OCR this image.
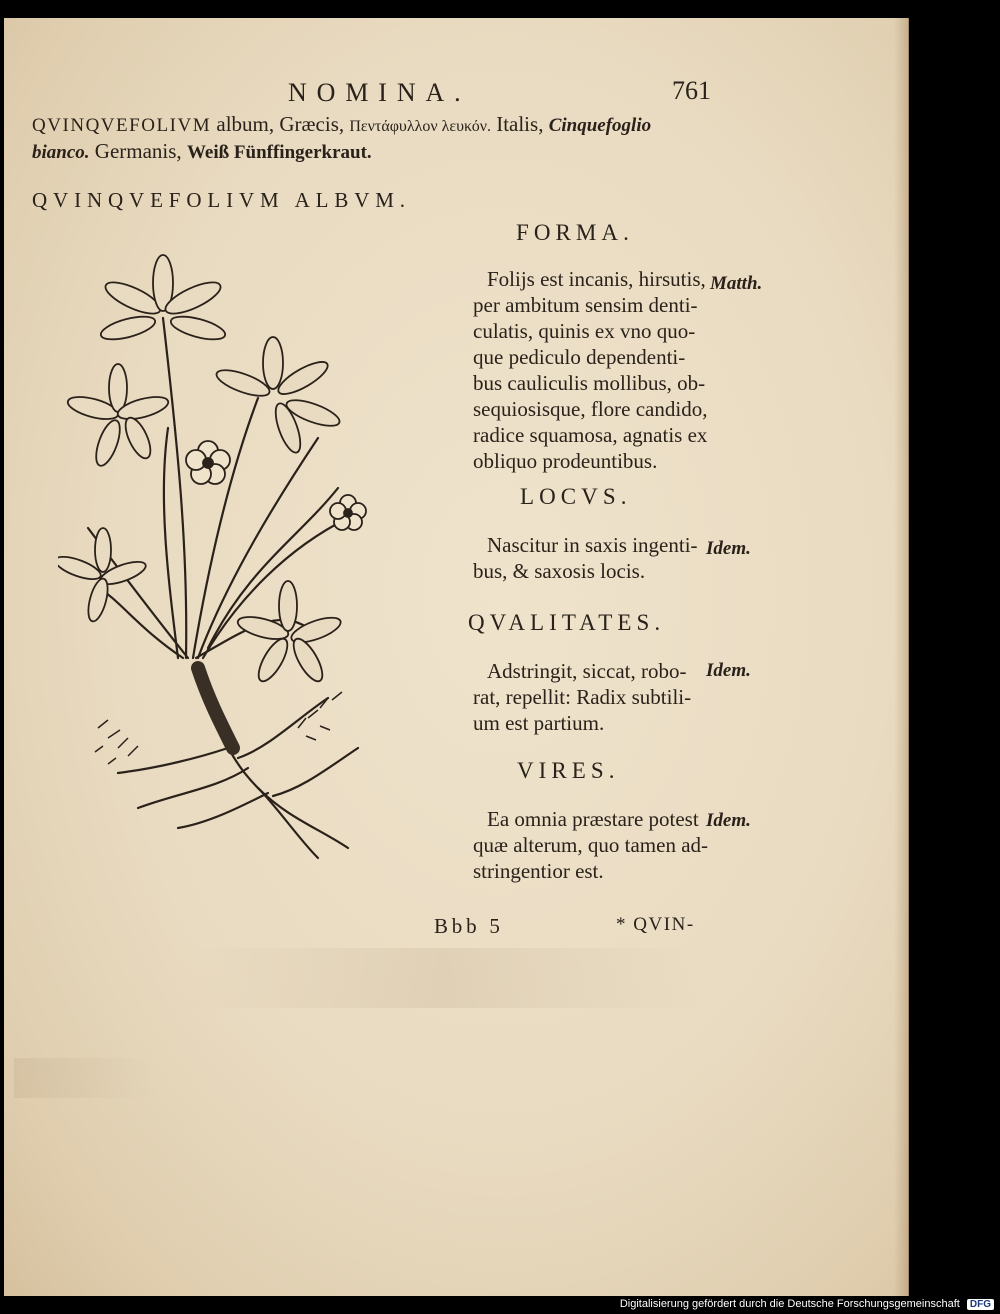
NOMINA.	761
QVINQVEFOLIVM album, Græcis, Πεντάφυλλον λευκόν. Italis, Cinquefoglio
bianco. Germanis, Weiß Fünffingerkraut.
QVINQVEFOLIVM ALBVM.
FORMA.
Folijs est incanis, hirsutis,
per ambitum sensim denti-
culatis, quinis ex vno quo-
que pediculo dependenti-
bus cauliculis mollibus, ob-
sequiosisque, flore candido,
radice squamosa, agnatis ex
obliquo prodeuntibus.
Matth.
LOCVS.
Nascitur in saxis ingenti-
bus, & saxosis locis.
Idem.
QVALITATES.
Adstringit, siccat, robo-
rat, repellit: Radix subtili-
um est partium.
Idem.
VIRES.
Ea omnia præstare potest
quæ alterum, quo tamen ad-
stringentior est.
Idem.
Bbb 5	* QVIN-
Digitalisierung gefördert durch die Deutsche Forschungsgemeinschaft DFG
